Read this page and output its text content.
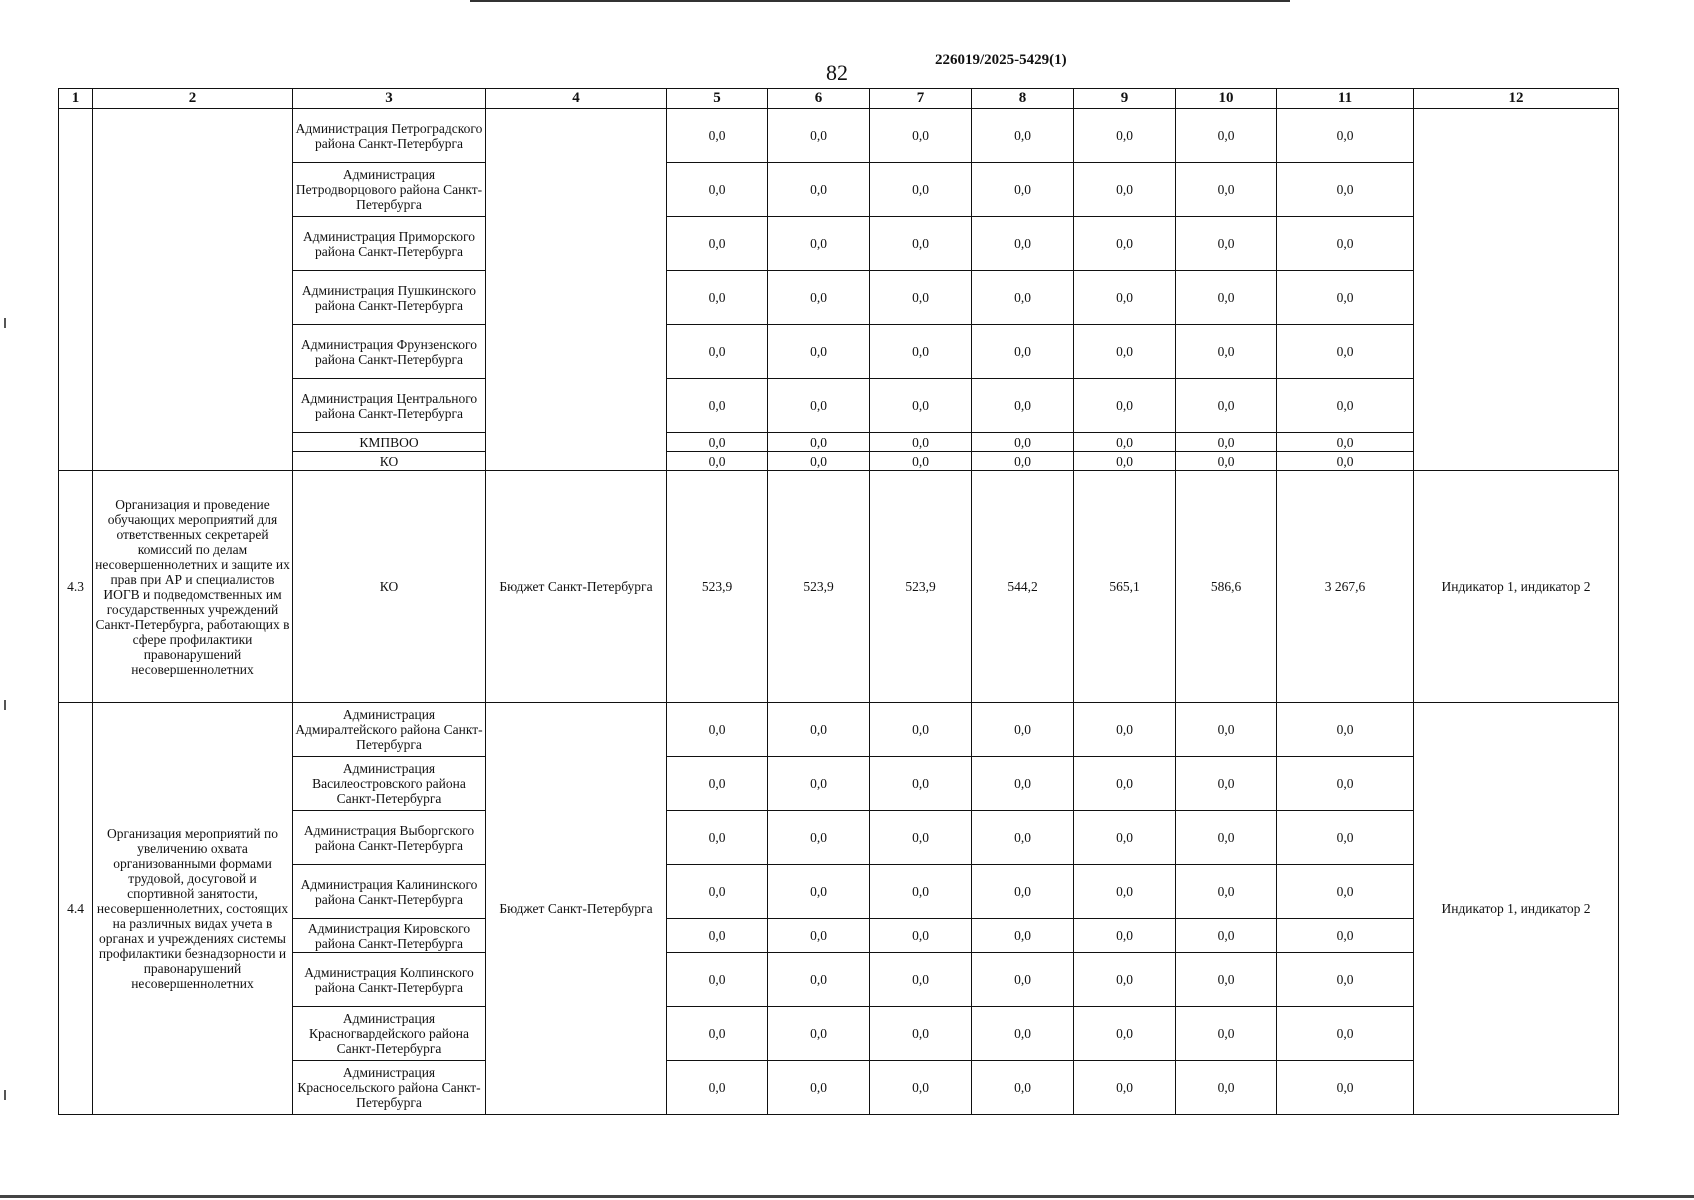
226019/2025-5429(1)
82
1	2	3	4	5	6	7	8	9	10	11	12
		Администрация Петроградского района Санкт-Петербурга		0,0	0,0	0,0	0,0	0,0	0,0	0,0	
		Администрация Петродворцового района Санкт-Петербурга		0,0	0,0	0,0	0,0	0,0	0,0	0,0	
		Администрация Приморского района Санкт-Петербурга		0,0	0,0	0,0	0,0	0,0	0,0	0,0	
		Администрация Пушкинского района Санкт-Петербурга		0,0	0,0	0,0	0,0	0,0	0,0	0,0	
		Администрация Фрунзенского района Санкт-Петербурга		0,0	0,0	0,0	0,0	0,0	0,0	0,0	
		Администрация Центрального района Санкт-Петербурга		0,0	0,0	0,0	0,0	0,0	0,0	0,0	
		КМПВОО		0,0	0,0	0,0	0,0	0,0	0,0	0,0	
		КО		0,0	0,0	0,0	0,0	0,0	0,0	0,0	
4.3	Организация и проведение обучающих мероприятий для ответственных секретарей комиссий по делам несовершеннолетних и защите их прав при АР и специалистов ИОГВ и подведомственных им государственных учреждений Санкт-Петербурга, работающих в сфере профилактики правонарушений несовершеннолетних	КО	Бюджет Санкт-Петербурга	523,9	523,9	523,9	544,2	565,1	586,6	3 267,6	Индикатор 1, индикатор 2
4.4	Организация мероприятий по увеличению охвата организованными формами трудовой, досуговой и спортивной занятости, несовершеннолетних, состоящих на различных видах учета в органах и учреждениях системы профилактики безнадзорности и правонарушений несовершеннолетних	Администрация Адмиралтейского района Санкт-Петербурга	Бюджет Санкт-Петербурга	0,0	0,0	0,0	0,0	0,0	0,0	0,0	Индикатор 1, индикатор 2
		Администрация Василеостровского района Санкт-Петербурга		0,0	0,0	0,0	0,0	0,0	0,0	0,0	
		Администрация Выборгского района Санкт-Петербурга		0,0	0,0	0,0	0,0	0,0	0,0	0,0	
		Администрация Калининского района Санкт-Петербурга		0,0	0,0	0,0	0,0	0,0	0,0	0,0	
		Администрация Кировского района Санкт-Петербурга		0,0	0,0	0,0	0,0	0,0	0,0	0,0	
		Администрация Колпинского района Санкт-Петербурга		0,0	0,0	0,0	0,0	0,0	0,0	0,0	
		Администрация Красногвардейского района Санкт-Петербурга		0,0	0,0	0,0	0,0	0,0	0,0	0,0	
		Администрация Красносельского района Санкт-Петербурга		0,0	0,0	0,0	0,0	0,0	0,0	0,0	
